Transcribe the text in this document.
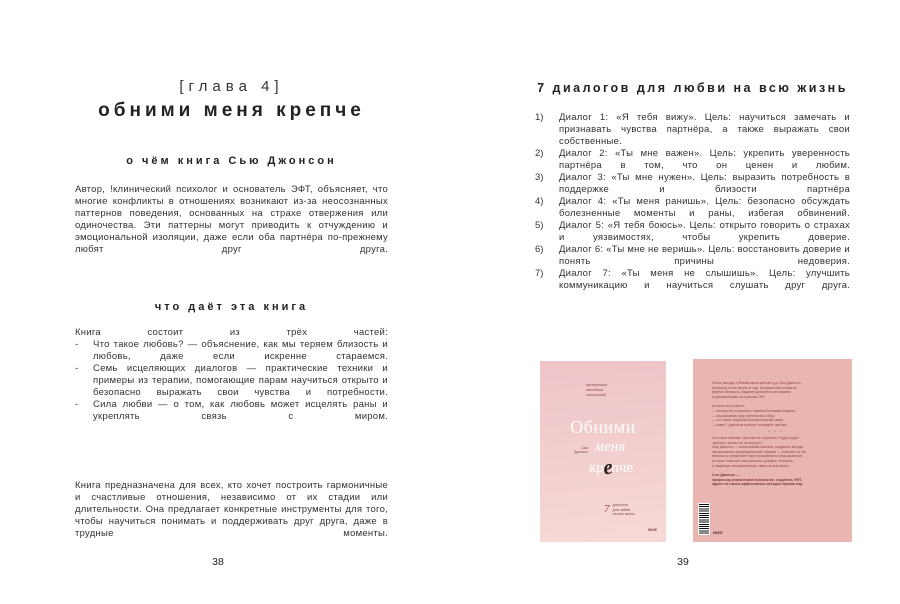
[глава 4]
обними меня крепче
о чём книга Сью Джонсон
Автор, !клинический психолог и основатель ЭФТ, объясняет, что многие конфликты в отношениях возникают из-за неосознанных паттернов поведения, основанных на страхе отвержения или одиночества. Эти паттерны могут приводить к отчуждению и эмоциональной изоляции, даже если оба партнёра по-прежнему любят друг друга.
что даёт эта книга
Книга состоит из трёх частей:
-	Что такое любовь? — объяснение, как мы теряем близость и любовь, даже если искренне стараемся.
-	Семь исцеляющих диалогов — практические техники и примеры из терапии, помогающие парам научиться открыто и безопасно выражать свои чувства и потребности.
-	Сила любви — о том, как любовь может исцелять раны и укреплять связь с миром.
Книга предназначена для всех, кто хочет построить гармоничные и счастливые отношения, независимо от их стадии или длительности. Она предлагает конкретные инструменты для того, чтобы научиться понимать и поддерживать друг друга, даже в трудные моменты.
38
7 диалогов для любви на всю жизнь
1)	Диалог 1: «Я тебя вижу». Цель: научиться замечать и признавать чувства партнёра, а также выражать свои собственные.
2)	Диалог 2: «Ты мне важен». Цель: укрепить уверенность партнёра в том, что он ценен и любим.
3)	Диалог 3: «Ты мне нужен». Цель: выразить потребность в поддержке и близости партнёра
4)	Диалог 4: «Ты меня ранишь». Цель: безопасно обсуждать болезненные моменты и раны, избегая обвинений.
5)	Диалог 5: «Я тебя боюсь». Цель: открыто говорить о страхах и уязвимостях, чтобы укрепить доверие.
6)	Диалог 6: «Ты мне не веришь». Цель: восстановить доверие и понять причины недоверия.
7)	Диалог 7: «Ты меня не слышишь». Цель: улучшить коммуникацию и научиться слушать друг друга.
проверенная
методика
отношений
Сью
Джонсон
Обними
меня
крeпче
7 диалогов
для любви
на всю жизнь
МИФ
После выхода «Обними меня крепче» д-р Сью Джонсон
получила сотни писем от пар, которым книга помогла
вернуть близость. Издание дополнено историями
и упражнениями из практики ЭФТ.
Из книги вы узнаете:
— почему мы ссоримся с самыми близкими людьми;
— как разорвать круг претензий и обид;
— что такое надёжная эмоциональная связь;
— какие 7 диалогов помогут сохранить любовь.
• • •
Что такое любовь? Как нам её сохранить? Куда уходят
чувства и можно ли их вернуть?
Сью Джонсон — клинический психолог, создатель метода
эмоционально-фокусированной терапии — отвечает на эти
вопросы и предлагает паре программу из семи диалогов,
которые помогают восстановить доверие, близость
и надёжную эмоциональную связь на всю жизнь.
Сью Джонсон —
профессор клинической психологии, создатель ЭФТ,
одного из самых эффективных методов терапии пар.
МИФ
39
